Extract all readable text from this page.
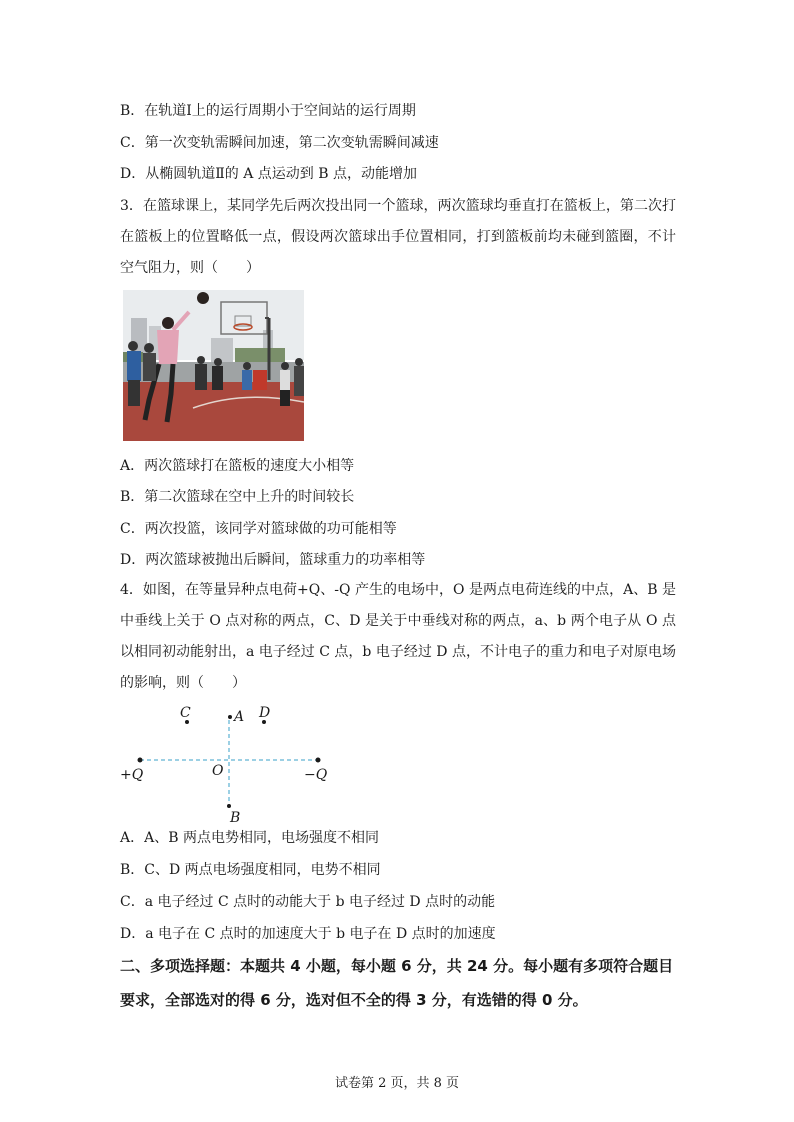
B．在轨道Ⅰ上的运行周期小于空间站的运行周期
C．第一次变轨需瞬间加速，第二次变轨需瞬间减速
D．从椭圆轨道Ⅱ的 A 点运动到 B 点，动能增加
3．在篮球课上，某同学先后两次投出同一个篮球，两次篮球均垂直打在篮板上，第二次打在篮板上的位置略低一点，假设两次篮球出手位置相同，打到篮板前均未碰到篮圈，不计空气阻力，则（　　）
A．两次篮球打在篮板的速度大小相等
B．第二次篮球在空中上升的时间较长
C．两次投篮，该同学对篮球做的功可能相等
D．两次篮球被抛出后瞬间，篮球重力的功率相等
4．如图，在等量异种点电荷+Q、-Q 产生的电场中，O 是两点电荷连线的中点，A、B 是中垂线上关于 O 点对称的两点，C、D 是关于中垂线对称的两点，a、b 两个电子从 O 点以相同初动能射出，a 电子经过 C 点，b 电子经过 D 点，不计电子的重力和电子对原电场的影响，则（　　）
C	A D
+Q	O	−Q
B
A．A、B 两点电势相同，电场强度不相同
B．C、D 两点电场强度相同，电势不相同
C．a 电子经过 C 点时的动能大于 b 电子经过 D 点时的动能
D．a 电子在 C 点时的加速度大于 b 电子在 D 点时的加速度
二、多项选择题：本题共 4 小题，每小题 6 分，共 24 分。每小题有多项符合题目要求，全部选对的得 6 分，选对但不全的得 3 分，有选错的得 0 分。
试卷第 2 页，共 8 页
